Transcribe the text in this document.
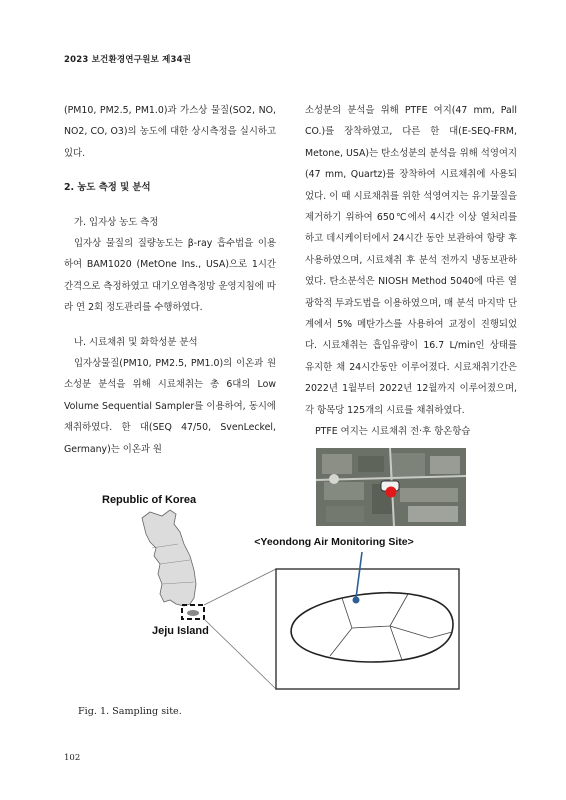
2023 보건환경연구원보 제34권

(PM10, PM2.5, PM1.0)과 가스상 물질(SO2, NO, NO2, CO, O3)의 농도에 대한 상시측정을 실시하고 있다.

2. 농도 측정 및 분석

가. 입자상 농도 측정

입자상 물질의 질량농도는 β-ray 흡수법을 이용하여 BAM1020 (MetOne Ins., USA)으로 1시간 간격으로 측정하였고 대기오염측정망 운영지침에 따라 연 2회 정도관리를 수행하였다.

나. 시료채취 및 화학성분 분석

입자상물질(PM10, PM2.5, PM1.0)의 이온과 원소성분 분석을 위해 시료채취는 총 6대의 Low Volume Sequential Sampler를 이용하여, 동시에 채취하였다. 한 대(SEQ 47/50, SvenLeckel, Germany)는 이온과 원

소성분의 분석을 위해 PTFE 여지(47 mm, Pall CO.)를 장착하였고, 다른 한 대(E-SEQ-FRM, Metone, USA)는 탄소성분의 분석을 위해 석영여지(47 mm, Quartz)를 장착하여 시료채취에 사용되었다. 이 때 시료채취를 위한 석영여지는 유기물질을 제거하기 위하여 650℃에서 4시간 이상 열처리를 하고 데시케이터에서 24시간 동안 보관하여 항량 후 사용하였으며, 시료채취 후 분석 전까지 냉동보관하였다. 탄소분석은 NIOSH Method 5040에 따른 열광학적 투과도법을 이용하였으며, 매 분석 마지막 단계에서 5% 메탄가스를 사용하여 교정이 진행되었다. 시료채취는 흡입유량이 16.7 L/min인 상태를 유지한 채 24시간동안 이루어졌다. 시료채취기간은 2022년 1월부터 2022년 12월까지 이루어졌으며, 각 항목당 125개의 시료를 채취하였다.

PTFE 여지는 시료채취 전·후 항온항습

<Yeondong Air Monitoring Site>
Republic of Korea
Jeju Island
Fig. 1. Sampling site.
102
